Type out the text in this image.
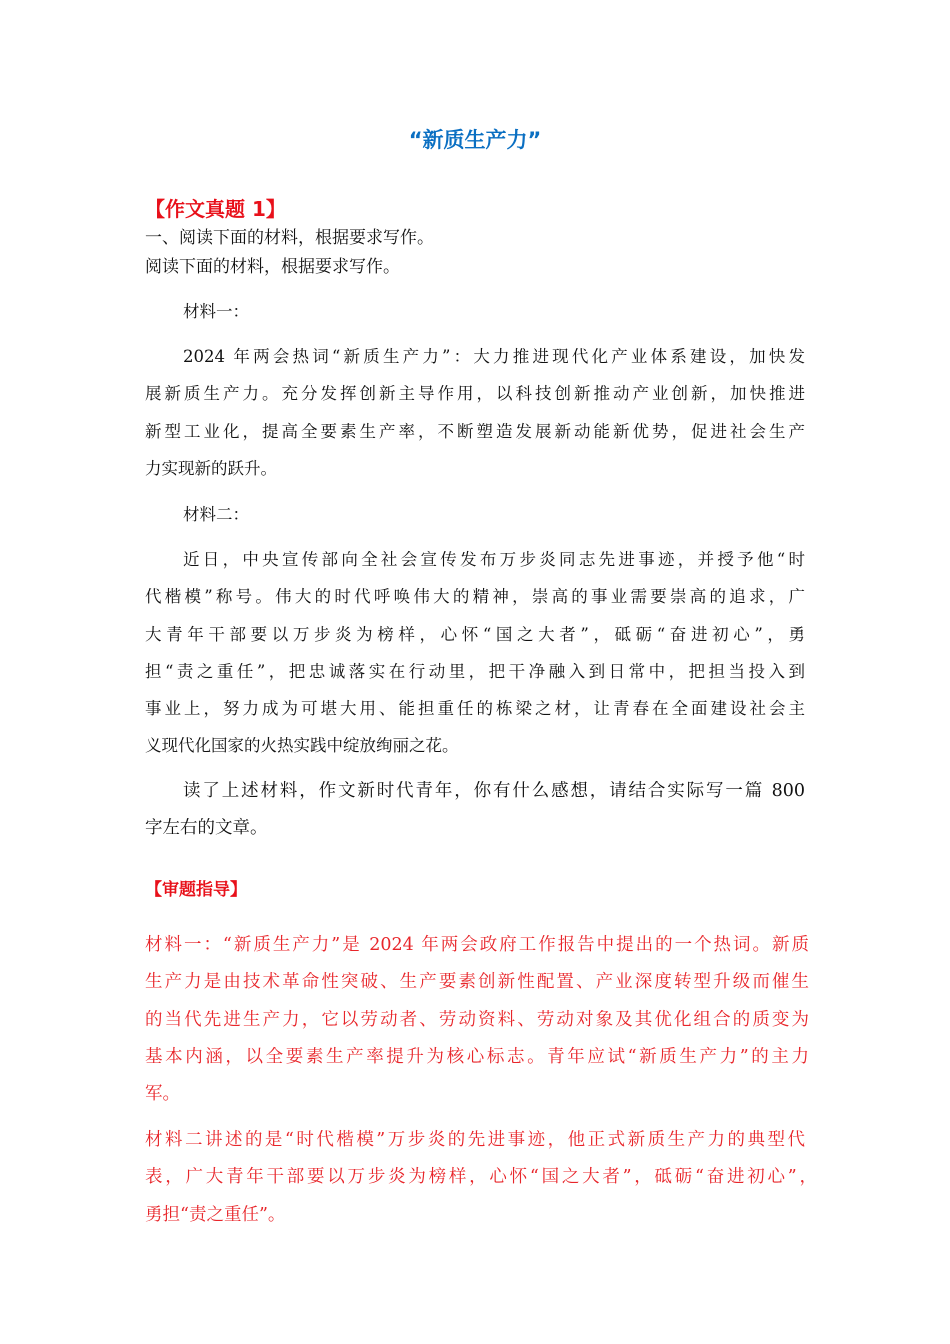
“新质生产力”
【作文真题 1】
一、阅读下面的材料，根据要求写作。
阅读下面的材料，根据要求写作。
材料一：
2024 年两会热词“新质生产力”：大力推进现代化产业体系建设，加快发
展新质生产力。充分发挥创新主导作用，以科技创新推动产业创新，加快推进
新型工业化，提高全要素生产率，不断塑造发展新动能新优势，促进社会生产
力实现新的跃升。
材料二：
近日，中央宣传部向全社会宣传发布万步炎同志先进事迹，并授予他“时
代楷模”称号。伟大的时代呼唤伟大的精神，崇高的事业需要崇高的追求，广
大青年干部要以万步炎为榜样，心怀“国之大者”，砥砺“奋进初心”，勇
担“责之重任”，把忠诚落实在行动里，把干净融入到日常中，把担当投入到
事业上，努力成为可堪大用、能担重任的栋梁之材，让青春在全面建设社会主
义现代化国家的火热实践中绽放绚丽之花。
读了上述材料，作文新时代青年，你有什么感想，请结合实际写一篇 800
字左右的文章。
【审题指导】
材料一：“新质生产力”是 2024 年两会政府工作报告中提出的一个热词。新质
生产力是由技术革命性突破、生产要素创新性配置、产业深度转型升级而催生
的当代先进生产力，它以劳动者、劳动资料、劳动对象及其优化组合的质变为
基本内涵，以全要素生产率提升为核心标志。青年应试“新质生产力”的主力
军。
材料二讲述的是“时代楷模”万步炎的先进事迹，他正式新质生产力的典型代
表，广大青年干部要以万步炎为榜样，心怀“国之大者”，砥砺“奋进初心”，
勇担“责之重任”。
